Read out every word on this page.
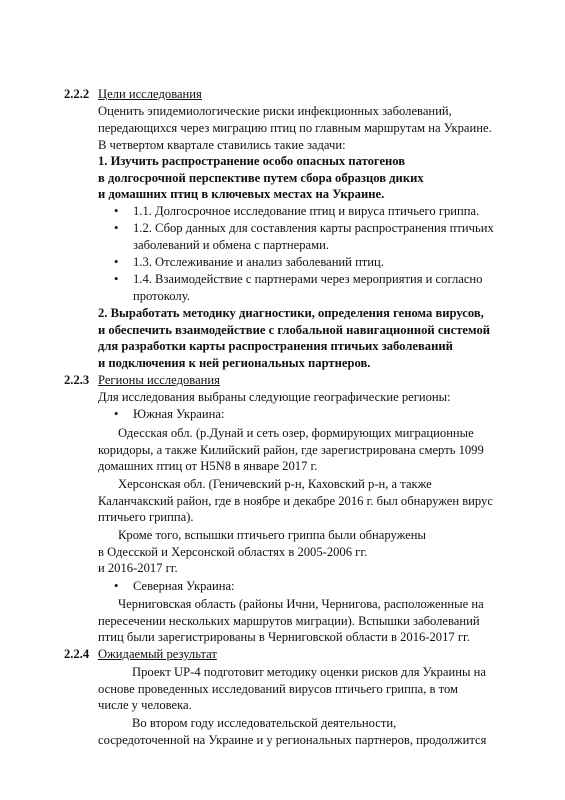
2.2.2 Цели исследования
Оценить эпидемиологические риски инфекционных заболеваний,
передающихся через миграцию птиц по главным маршрутам на Украине.
В четвертом квартале ставились такие задачи:
1. Изучить распространение особо опасных патогенов
в долгосрочной перспективе путем сбора образцов диких
и домашних птиц в ключевых местах на Украине.
• 1.1. Долгосрочное исследование птиц и вируса птичьего гриппа.
• 1.2. Сбор данных для составления карты распространения птичьих
заболеваний и обмена с партнерами.
• 1.3. Отслеживание и анализ заболеваний птиц.
• 1.4. Взаимодействие с партнерами через мероприятия и согласно
протоколу.
2. Выработать методику диагностики, определения генома вирусов,
и обеспечить взаимодействие с глобальной навигационной системой
для разработки карты распространения птичьих заболеваний
и подключения к ней региональных партнеров.
2.2.3 Регионы исследования
Для исследования выбраны следующие географические регионы:
• Южная Украина:
Одесская обл. (р.Дунай и сеть озер, формирующих миграционные
коридоры, а также Килийский район, где зарегистрирована смерть 1099
домашних птиц от H5N8 в январе 2017 г.
Херсонская обл. (Геничевский р-н, Каховский р-н, а также
Каланчакский район, где в ноябре и декабре 2016 г. был обнаружен вирус
птичьего гриппа).
Кроме того, вспышки птичьего гриппа были обнаружены
в Одесской и Херсонской областях в 2005-2006 гг.
и 2016-2017 гг.
• Северная Украина:
Черниговская область (районы Ични, Чернигова, расположенные на
пересечении нескольких маршрутов миграции). Вспышки заболеваний
птиц были зарегистрированы в Черниговской области в 2016-2017 гг.
2.2.4 Ожидаемый результат
Проект UP-4 подготовит методику оценки рисков для Украины на
основе проведенных исследований вирусов птичьего гриппа, в том
числе у человека.
Во втором году исследовательской деятельности,
сосредоточенной на Украине и у региональных партнеров, продолжится
